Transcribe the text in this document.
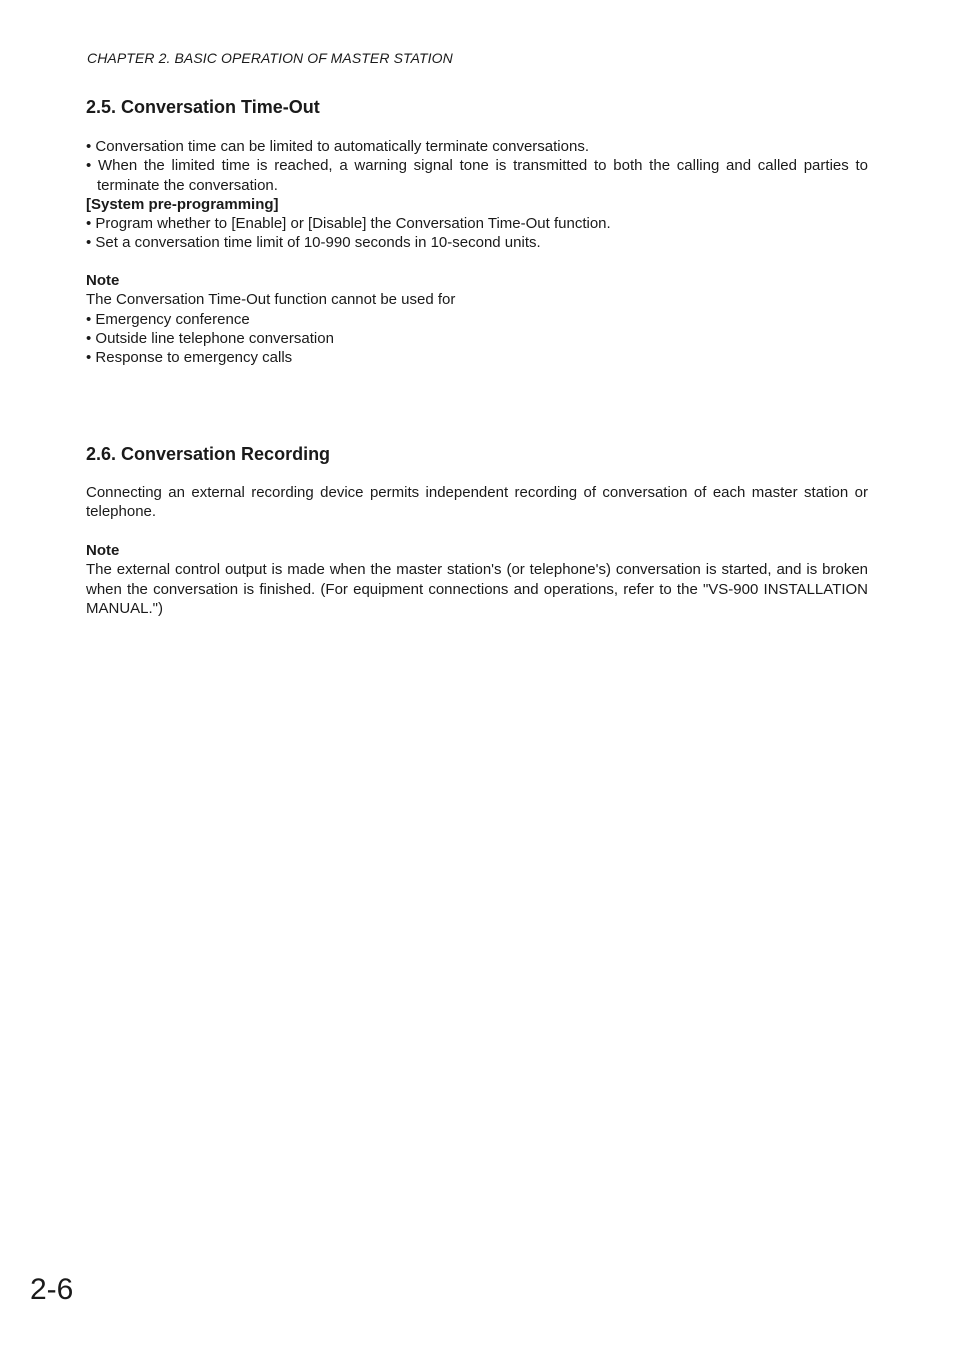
CHAPTER 2. BASIC OPERATION OF MASTER STATION
2.5. Conversation Time-Out

• Conversation time can be limited to automatically terminate conversations.

• When the limited time is reached, a warning signal tone is transmitted to both the calling and called parties to terminate the conversation.

[System pre-programming]

• Program whether to [Enable] or [Disable] the Conversation Time-Out function.

• Set a conversation time limit of 10-990 seconds in 10-second units.

Note

The Conversation Time-Out function cannot be used for

• Emergency conference

• Outside line telephone conversation

• Response to emergency calls

2.6. Conversation Recording

Connecting an external recording device permits independent recording of conversation of each master station or telephone.

Note

The external control output is made when the master station's (or telephone's) conversation is started, and is broken when the conversation is finished. (For equipment connections and operations, refer to the "VS-900 INSTALLATION MANUAL.")

2-6
